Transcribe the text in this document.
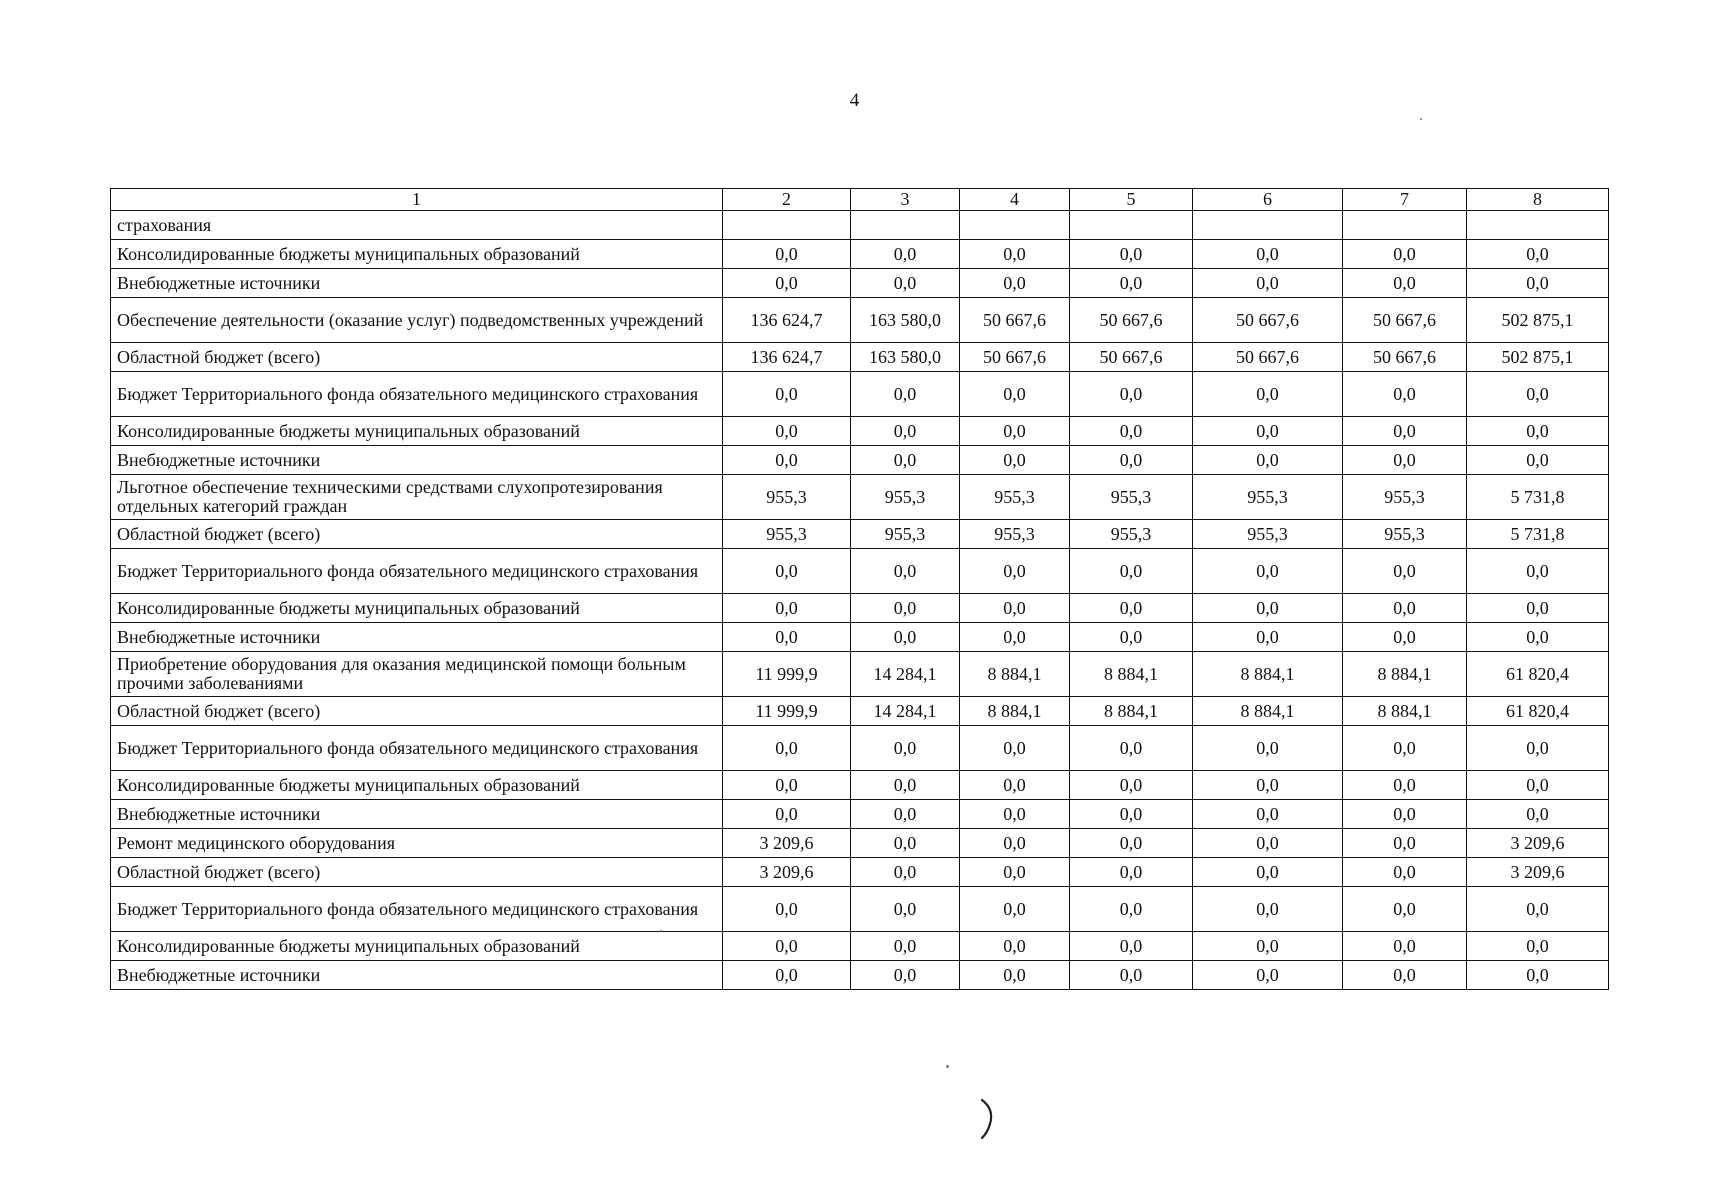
4
1	2	3	4	5	6	7	8
страхования							
Консолидированные бюджеты муниципальных образований	0,0	0,0	0,0	0,0	0,0	0,0	0,0
Внебюджетные источники	0,0	0,0	0,0	0,0	0,0	0,0	0,0
Обеспечение деятельности (оказание услуг) подведомственных учреждений	136 624,7	163 580,0	50 667,6	50 667,6	50 667,6	50 667,6	502 875,1
Областной бюджет (всего)	136 624,7	163 580,0	50 667,6	50 667,6	50 667,6	50 667,6	502 875,1
Бюджет Территориального фонда обязательного медицинского страхования	0,0	0,0	0,0	0,0	0,0	0,0	0,0
Консолидированные бюджеты муниципальных образований	0,0	0,0	0,0	0,0	0,0	0,0	0,0
Внебюджетные источники	0,0	0,0	0,0	0,0	0,0	0,0	0,0
Льготное обеспечение техническими средствами слухопротезирования отдельных категорий граждан	955,3	955,3	955,3	955,3	955,3	955,3	5 731,8
Областной бюджет (всего)	955,3	955,3	955,3	955,3	955,3	955,3	5 731,8
Бюджет Территориального фонда обязательного медицинского страхования	0,0	0,0	0,0	0,0	0,0	0,0	0,0
Консолидированные бюджеты муниципальных образований	0,0	0,0	0,0	0,0	0,0	0,0	0,0
Внебюджетные источники	0,0	0,0	0,0	0,0	0,0	0,0	0,0
Приобретение оборудования для оказания медицинской помощи больным прочими заболеваниями	11 999,9	14 284,1	8 884,1	8 884,1	8 884,1	8 884,1	61 820,4
Областной бюджет (всего)	11 999,9	14 284,1	8 884,1	8 884,1	8 884,1	8 884,1	61 820,4
Бюджет Территориального фонда обязательного медицинского страхования	0,0	0,0	0,0	0,0	0,0	0,0	0,0
Консолидированные бюджеты муниципальных образований	0,0	0,0	0,0	0,0	0,0	0,0	0,0
Внебюджетные источники	0,0	0,0	0,0	0,0	0,0	0,0	0,0
Ремонт медицинского оборудования	3 209,6	0,0	0,0	0,0	0,0	0,0	3 209,6
Областной бюджет (всего)	3 209,6	0,0	0,0	0,0	0,0	0,0	3 209,6
Бюджет Территориального фонда обязательного медицинского страхования	0,0	0,0	0,0	0,0	0,0	0,0	0,0
Консолидированные бюджеты муниципальных образований	0,0	0,0	0,0	0,0	0,0	0,0	0,0
Внебюджетные источники	0,0	0,0	0,0	0,0	0,0	0,0	0,0
